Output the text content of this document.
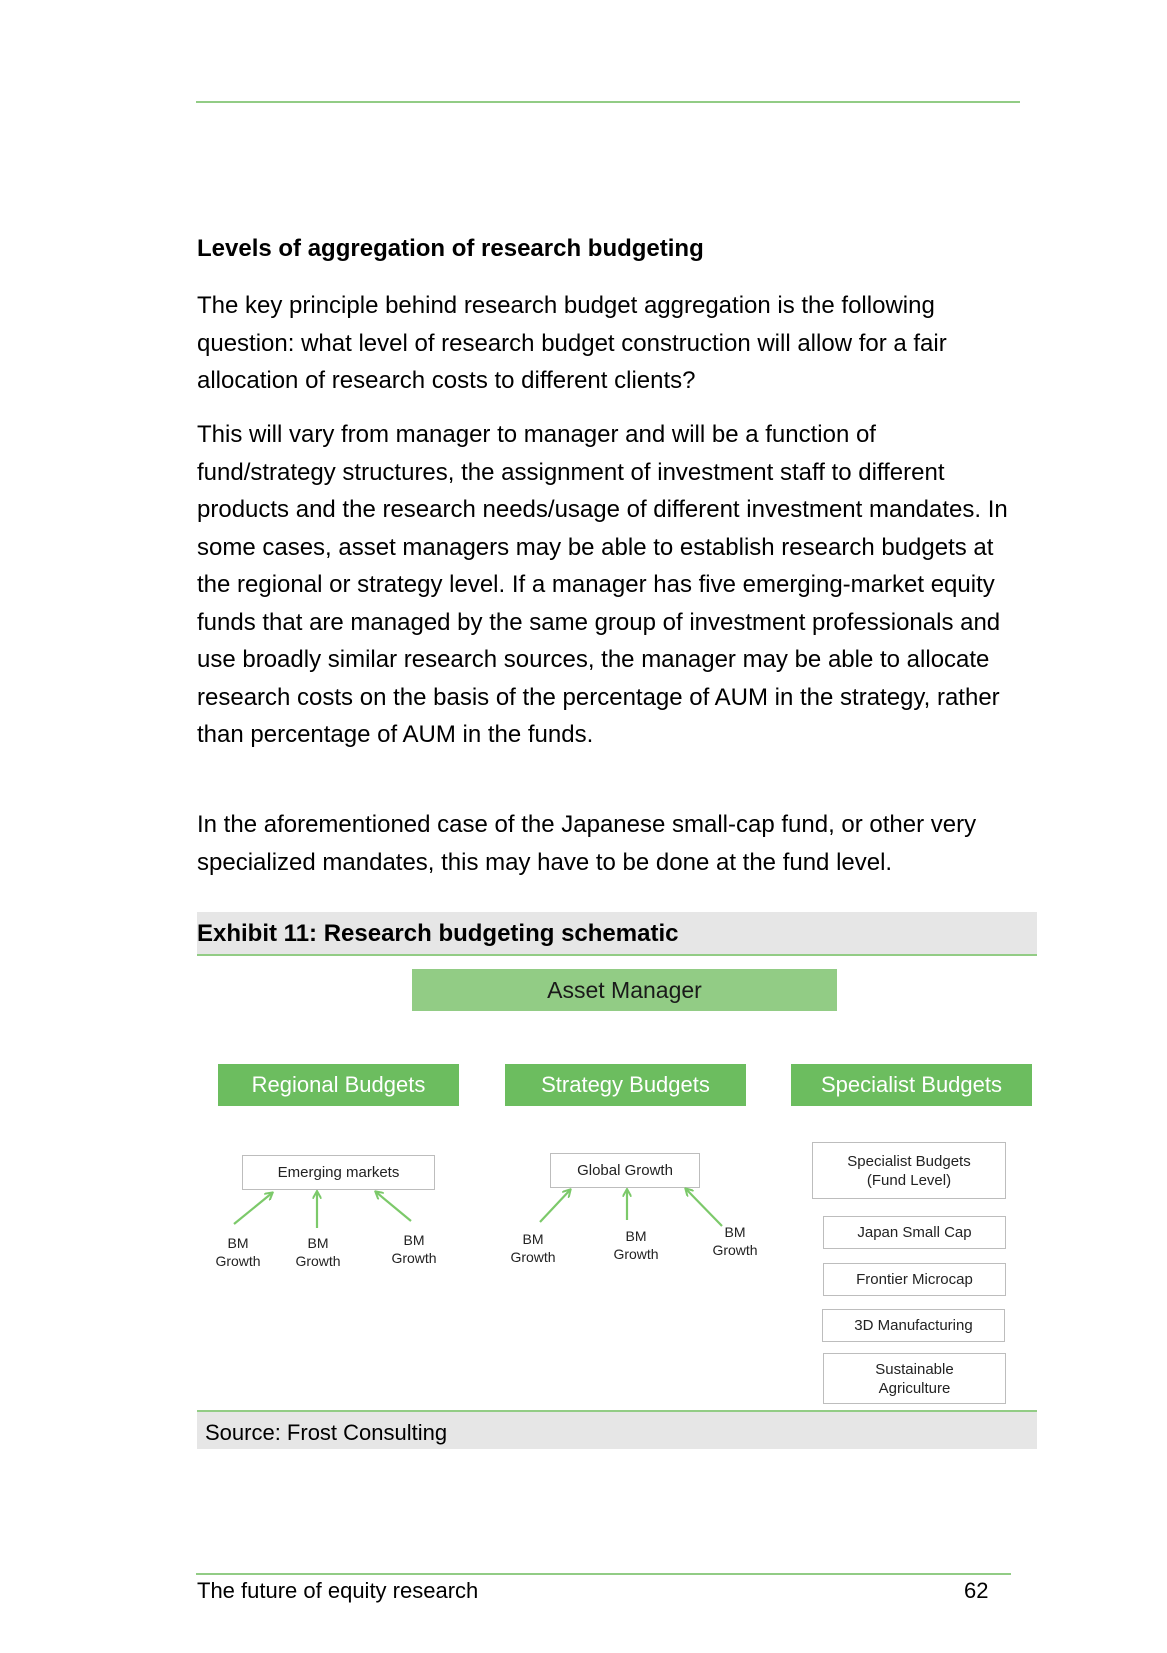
Levels of aggregation of research budgeting

The key principle behind research budget aggregation is the following question: what level of research budget construction will allow for a fair allocation of research costs to different clients?

This will vary from manager to manager and will be a function of fund/strategy structures, the assignment of investment staff to different products and the research needs/usage of different investment mandates. In some cases, asset managers may be able to establish research budgets at the regional or strategy level. If a manager has five emerging-market equity funds that are managed by the same group of investment professionals and use broadly similar research sources, the manager may be able to allocate research costs on the basis of the percentage of AUM in the strategy, rather than percentage of AUM in the funds.

In the aforementioned case of the Japanese small-cap fund, or other very specialized mandates, this may have to be done at the fund level.

Exhibit 11: Research budgeting schematic
Asset Manager
Regional Budgets	Strategy Budgets	Specialist Budgets
Emerging markets	Global Growth
Specialist Budgets
(Fund Level)
Japan Small Cap
Frontier Microcap
3D Manufacturing
Sustainable
Agriculture
BM
Growth
BM
Growth
BM
Growth
BM
Growth
BM
Growth
BM
Growth
Source: Frost Consulting
The future of equity research	62
